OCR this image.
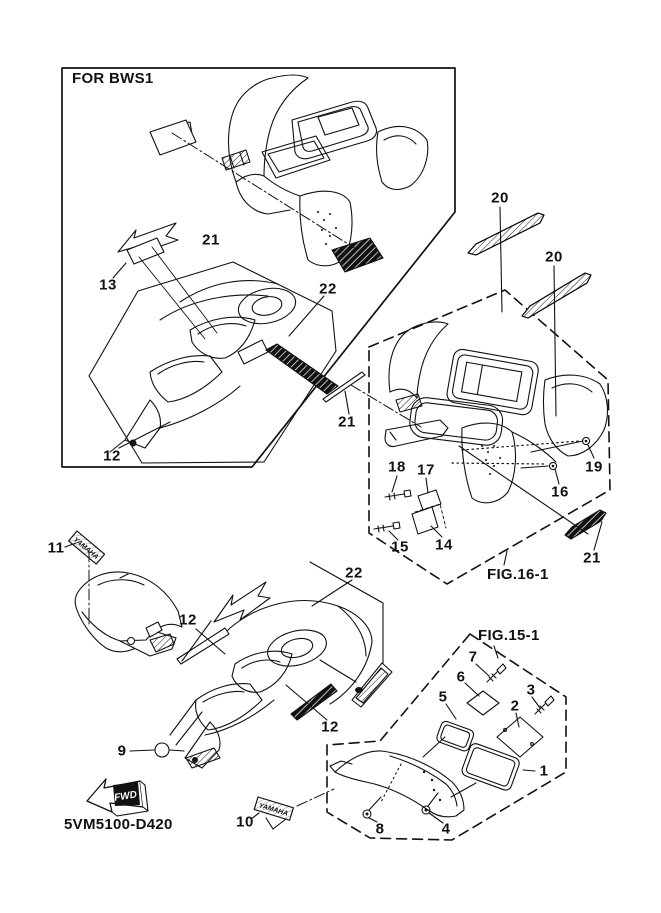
YAMAHA
YAMAHA
FWD
FOR BWS1
FIG.16-1
FIG.15-1
5VM5100-D420
1
2
3
4
5
6
7
8
9
10
11
12
12
12
13
14
15
16
17
18	19
20
20
21
21
21
22
22
